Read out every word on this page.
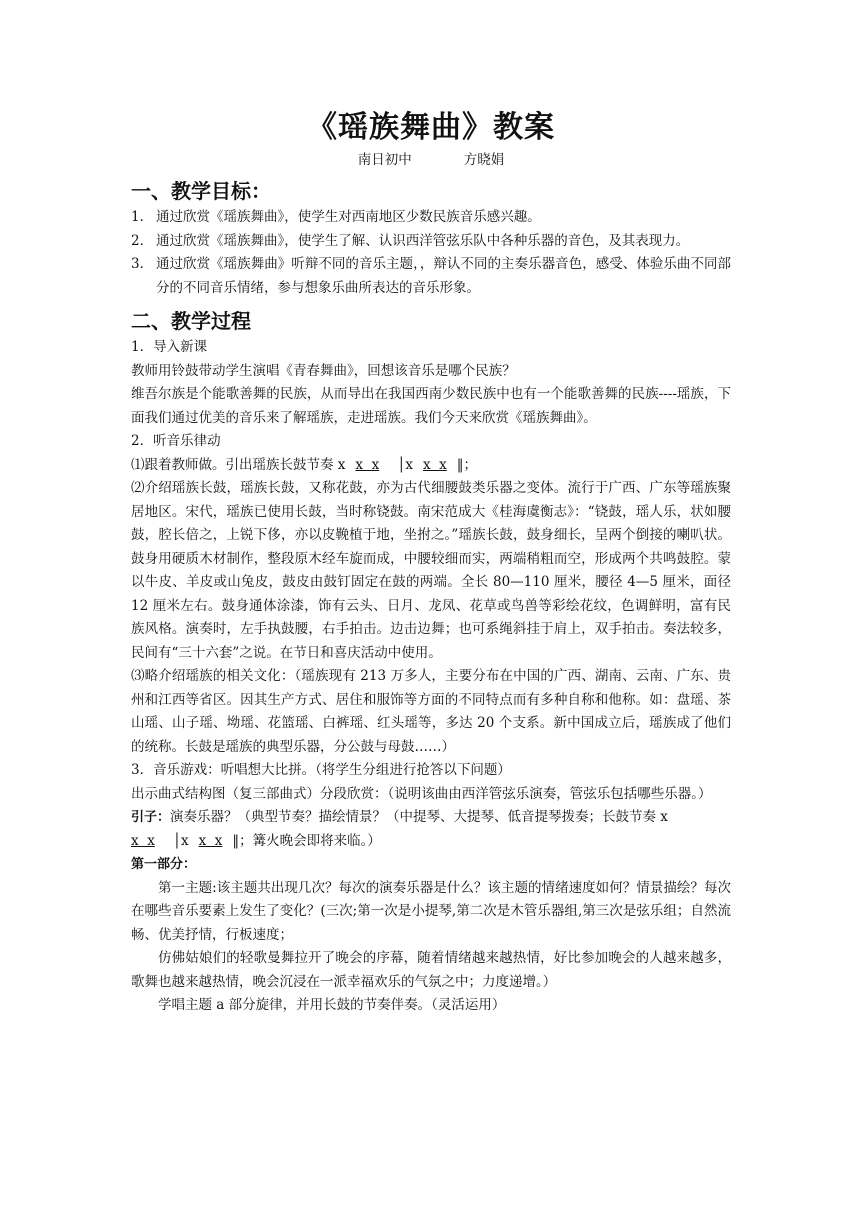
《瑶族舞曲》教案
南日初中	方晓娟
一、教学目标：
1． 通过欣赏《瑶族舞曲》，使学生对西南地区少数民族音乐感兴趣。
2． 通过欣赏《瑶族舞曲》，使学生了解、认识西洋管弦乐队中各种乐器的音色，及其表现力。
3． 通过欣赏《瑶族舞曲》听辩不同的音乐主题，，辩认不同的主奏乐器音色，感受、体验乐曲不同部分的不同音乐情绪，参与想象乐曲所表达的音乐形象。
二、教学过程

1．导入新课

教师用铃鼓带动学生演唱《青春舞曲》，回想该音乐是哪个民族？

维吾尔族是个能歌善舞的民族，从而导出在我国西南少数民族中也有一个能歌善舞的民族----瑶族，下面我们通过优美的音乐来了解瑶族，走进瑶族。我们今天来欣赏《瑶族舞曲》。

2．听音乐律动

⑴跟着教师做。引出瑶族长鼓节奏 x x  x │x x  x ‖；

⑵介绍瑶族长鼓，瑶族长鼓，又称花鼓，亦为古代细腰鼓类乐器之变体。流行于广西、广东等瑶族聚居地区。宋代，瑶族已使用长鼓，当时称铙鼓。南宋范成大《桂海虞衡志》：“铙鼓，瑶人乐，状如腰鼓，腔长倍之，上锐下侈，亦以皮鞔植于地，坐拊之。”瑶族长鼓，鼓身细长，呈两个倒接的喇叭状。鼓身用硬质木材制作，整段原木经车旋而成，中腰较细而实，两端稍粗而空，形成两个共鸣鼓腔。蒙以牛皮、羊皮或山兔皮，鼓皮由鼓钉固定在鼓的两端。全长 80—110 厘米，腰径 4—5 厘米，面径 12 厘米左右。鼓身通体涂漆，饰有云头、日月、龙凤、花草或鸟兽等彩绘花纹，色调鲜明，富有民族风格。演奏时，左手执鼓腰，右手拍击。边击边舞；也可系绳斜挂于肩上，双手拍击。奏法较多，民间有“三十六套”之说。在节日和喜庆活动中使用。

⑶略介绍瑶族的相关文化：（瑶族现有 213 万多人，主要分布在中国的广西、湖南、云南、广东、贵州和江西等省区。因其生产方式、居住和服饰等方面的不同特点而有多种自称和他称。如：盘瑶、茶山瑶、山子瑶、坳瑶、花篮瑶、白裤瑶、红头瑶等，多达 20 个支系。新中国成立后，瑶族成了他们的统称。长鼓是瑶族的典型乐器，分公鼓与母鼓……）

3．音乐游戏：听唱想大比拼。（将学生分组进行抢答以下问题）

出示曲式结构图（复三部曲式）分段欣赏：（说明该曲由西洋管弦乐演奏，管弦乐包括哪些乐器。）

引子：演奏乐器？（典型节奏？描绘情景？（中提琴、大提琴、低音提琴拨奏；长鼓节奏 x
x  x │x x  x ‖；篝火晚会即将来临。）

第一部分：

第一主题:该主题共出现几次？每次的演奏乐器是什么？该主题的情绪速度如何？情景描绘？每次在哪些音乐要素上发生了变化？(三次;第一次是小提琴,第二次是木管乐器组,第三次是弦乐组；自然流畅、优美抒情，行板速度；

仿佛姑娘们的轻歌曼舞拉开了晚会的序幕，随着情绪越来越热情，好比参加晚会的人越来越多，歌舞也越来越热情，晚会沉浸在一派幸福欢乐的气氛之中；力度递增。）

学唱主题 a 部分旋律，并用长鼓的节奏伴奏。（灵活运用）
